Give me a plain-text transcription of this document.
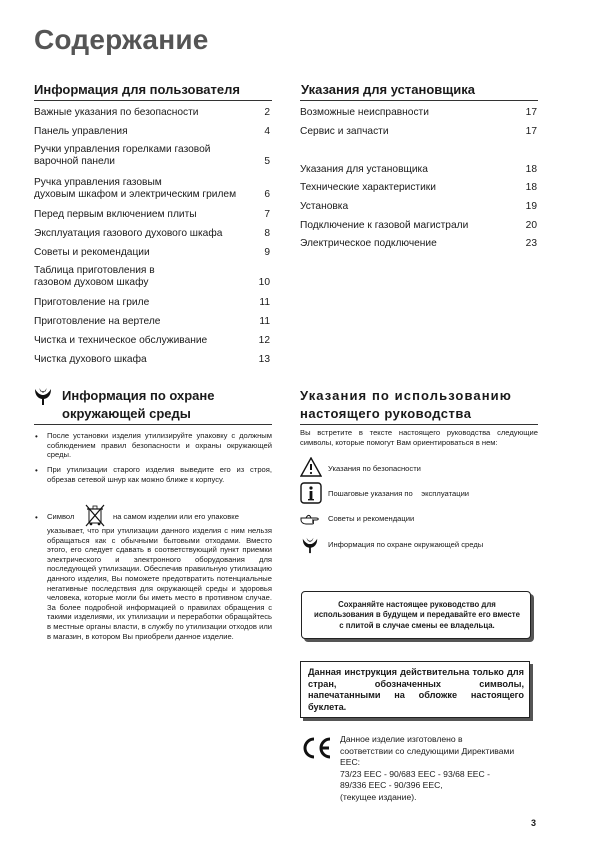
Содержание
Информация для пользователя
Важные указания по безопасности	2
Панель управления	4
Ручки управления горелками газовой
варочной панели	5
Ручка управления газовым
духовым шкафом и электрическим грилем	6
Перед первым включением плиты	7
Эксплуатация газового духового шкафа	8
Советы и рекомендации	9
Таблица приготовления в
газовом духовом шкафу	10
Приготовление на гриле	11
Приготовление на вертеле	11
Чистка и техническое обслуживание	12
Чистка духового шкафа	13
Указания для установщика
Возможные неисправности	17
Сервис и запчасти	17
Указания для установщика	18
Технические характеристики	18
Установка	19
Подключение к газовой магистрали	20
Электрическое подключение	23
Информация по охране
окружающей среды
• После установки изделия утилизируйте упаковку с должным соблюдением правил безопасности и охраны окружающей среды.
• При утилизации старого изделия выведите его из строя, обрезав сетевой шнур как можно ближе к корпусу.
• Символ	на самом изделии или его упаковке
указывает, что при утилизации данного изделия с ним нельзя обращаться как с обычными бытовыми отходами. Вместо этого, его следует сдавать в соответствующий пункт приемки электрического и электронного оборудования для последующей утилизации. Обеспечив правильную утилизацию данного изделия, Вы поможете предотвратить потенциальные негативные последствия для окружающей среды и здоровья человека, которые могли бы иметь место в противном случае. За более подробной информацией о правилах обращения с такими изделиями, их утилизации и переработки обращайтесь в местные органы власти, в службу по утилизации отходов или в магазин, в котором Вы приобрели данное изделие.
Указания по использованию
настоящего руководства
Вы встретите в тексте настоящего руководства следующие символы, которые помогут Вам ориентироваться в нем:
Указания по безопасности
Пошаговые указания по    эксплуатации
Советы и рекомендации
Информация по охране окружающей среды
Сохраняйте настоящее руководство для использования в будущем и передавайте его вместе с плитой в случае смены ее владельца.
Данная инструкция действительна только для стран, обозначенных символы, напечатанными на обложке настоящего буклета.
Данное изделие изготовлено в
соответствии со следующими Директивами
ЕЕС:
73/23 EEC - 90/683 EEC - 93/68 EEC -
89/336 EEC - 90/396 EEC,
(текущее издание).
3
